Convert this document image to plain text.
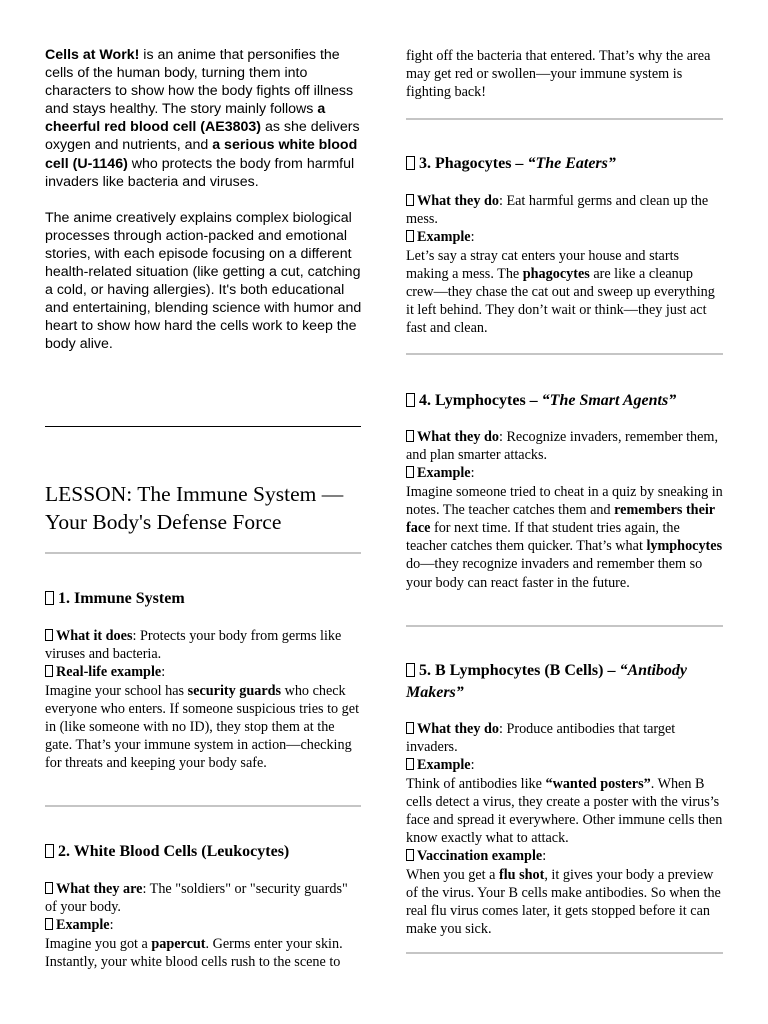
Cells at Work! is an anime that personifies the cells of the human body, turning them into characters to show how the body fights off illness and stays healthy. The story mainly follows a cheerful red blood cell (AE3803) as she delivers oxygen and nutrients, and a serious white blood cell (U-1146) who protects the body from harmful invaders like bacteria and viruses.

The anime creatively explains complex biological processes through action-packed and emotional stories, with each episode focusing on a different health-related situation (like getting a cut, catching a cold, or having allergies). It's both educational and entertaining, blending science with humor and heart to show how hard the cells work to keep the body alive.

LESSON: The Immune System — Your Body's Defense Force
1. Immune System

What it does: Protects your body from germs like viruses and bacteria.

Real-life example:

Imagine your school has security guards who check everyone who enters. If someone suspicious tries to get in (like someone with no ID), they stop them at the gate. That’s your immune system in action—checking for threats and keeping your body safe.

2. White Blood Cells (Leukocytes)

What they are: The "soldiers" or "security guards" of your body.

Example:

Imagine you got a papercut. Germs enter your skin. Instantly, your white blood cells rush to the scene to

fight off the bacteria that entered. That’s why the area may get red or swollen—your immune system is fighting back!

3. Phagocytes – “The Eaters”

What they do: Eat harmful germs and clean up the mess.

Example:

Let’s say a stray cat enters your house and starts making a mess. The phagocytes are like a cleanup crew—they chase the cat out and sweep up everything it left behind. They don’t wait or think—they just act fast and clean.

4. Lymphocytes – “The Smart Agents”

What they do: Recognize invaders, remember them, and plan smarter attacks.

Example:

Imagine someone tried to cheat in a quiz by sneaking in notes. The teacher catches them and remembers their face for next time. If that student tries again, the teacher catches them quicker. That’s what lymphocytes do—they recognize invaders and remember them so your body can react faster in the future.

5. B Lymphocytes (B Cells) – “Antibody Makers”

What they do: Produce antibodies that target invaders.

Example:

Think of antibodies like “wanted posters”. When B cells detect a virus, they create a poster with the virus’s face and spread it everywhere. Other immune cells then know exactly what to attack.

Vaccination example:

When you get a flu shot, it gives your body a preview of the virus. Your B cells make antibodies. So when the real flu virus comes later, it gets stopped before it can make you sick.
